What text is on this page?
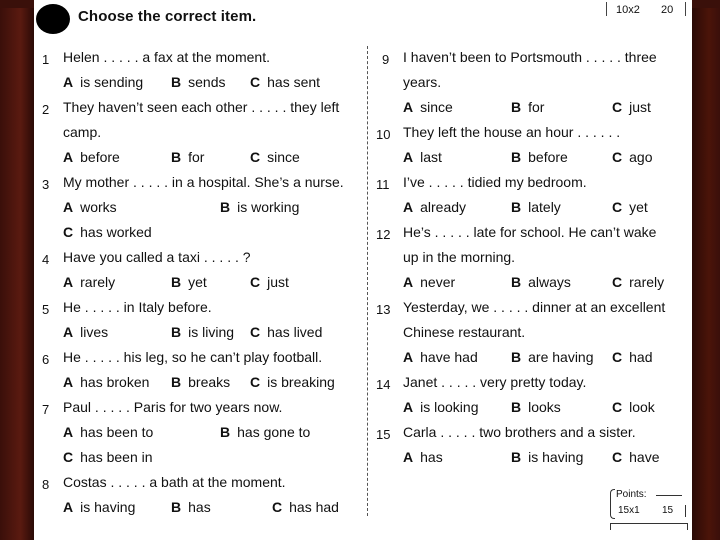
Choose the correct item.	10x2 20
1 Helen . . . . . a fax at the moment.
A is sending B sends C has sent
2 They haven’t seen each other . . . . . they left
camp.
A before	B for	C since
3 My mother . . . . . in a hospital. She’s a nurse.
A works	B is working
C has worked
4 Have you called a taxi . . . . . ?
A rarely	B yet	C just
5 He . . . . . in Italy before.
A lives	B is living C has lived
6 He . . . . . his leg, so he can’t play football.
A has broken B breaks C is breaking
7 Paul . . . . . Paris for two years now.
A has been to	B has gone to
C has been in
8 Costas . . . . . a bath at the moment.
A is having	B has	C has had
9 I haven’t been to Portsmouth . . . . . three
years.
A since	B for	C just
10 They left the house an hour . . . . . .
A last	B before	C ago
11 I’ve . . . . . tidied my bedroom.
A already	B lately	C yet
12 He’s . . . . . late for school. He can’t wake
up in the morning.
A never	B always	C rarely
13 Yesterday, we . . . . . dinner at an excellent
Chinese restaurant.
A have had B are having C had
14 Janet . . . . . very pretty today.
A is looking B looks	C look
15 Carla . . . . . two brothers and a sister.
A has	B is having C have
Points:
15x1 15
